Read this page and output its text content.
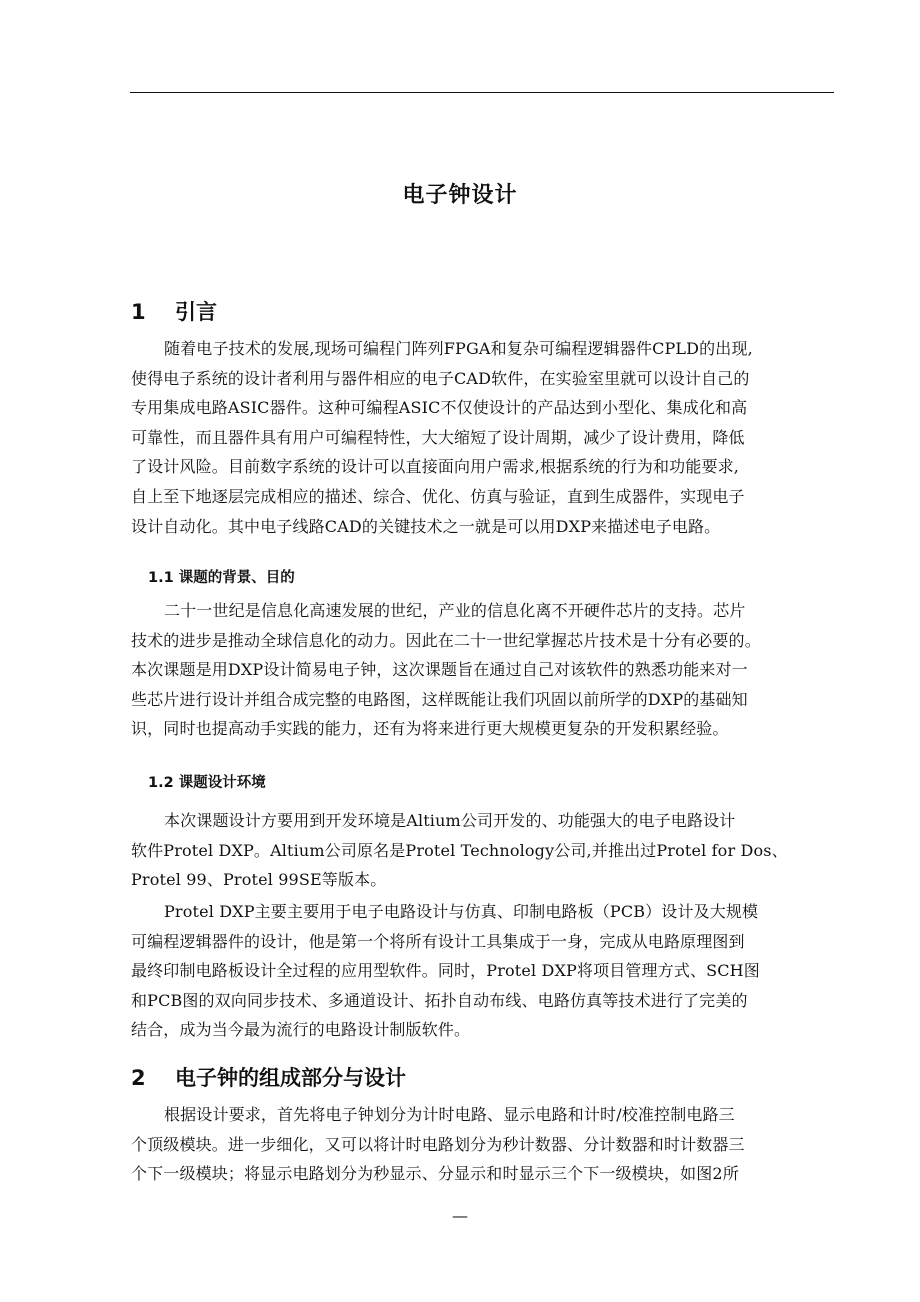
电子钟设计
1 引言
随着电子技术的发展,现场可编程门阵列FPGA和复杂可编程逻辑器件CPLD的出现,
使得电子系统的设计者利用与器件相应的电子CAD软件，在实验室里就可以设计自己的
专用集成电路ASIC器件。这种可编程ASIC不仅使设计的产品达到小型化、集成化和高
可靠性，而且器件具有用户可编程特性，大大缩短了设计周期，减少了设计费用，降低
了设计风险。目前数字系统的设计可以直接面向用户需求,根据系统的行为和功能要求,
自上至下地逐层完成相应的描述、综合、优化、仿真与验证，直到生成器件，实现电子
设计自动化。其中电子线路CAD的关键技术之一就是可以用DXP来描述电子电路。
1.1 课题的背景、目的
二十一世纪是信息化高速发展的世纪，产业的信息化离不开硬件芯片的支持。芯片
技术的进步是推动全球信息化的动力。因此在二十一世纪掌握芯片技术是十分有必要的。
本次课题是用DXP设计简易电子钟，这次课题旨在通过自己对该软件的熟悉功能来对一
些芯片进行设计并组合成完整的电路图，这样既能让我们巩固以前所学的DXP的基础知
识，同时也提高动手实践的能力，还有为将来进行更大规模更复杂的开发积累经验。
1.2 课题设计环境
本次课题设计方要用到开发环境是Altium公司开发的、功能强大的电子电路设计
软件Protel DXP。Altium公司原名是Protel Technology公司,并推出过Protel for Dos、
Protel 99、Protel 99SE等版本。
Protel DXP主要主要用于电子电路设计与仿真、印制电路板（PCB）设计及大规模
可编程逻辑器件的设计，他是第一个将所有设计工具集成于一身，完成从电路原理图到
最终印制电路板设计全过程的应用型软件。同时，Protel DXP将项目管理方式、SCH图
和PCB图的双向同步技术、多通道设计、拓扑自动布线、电路仿真等技术进行了完美的
结合，成为当今最为流行的电路设计制版软件。
2 电子钟的组成部分与设计
根据设计要求，首先将电子钟划分为计时电路、显示电路和计时/校准控制电路三
个顶级模块。进一步细化，又可以将计时电路划分为秒计数器、分计数器和时计数器三
个下一级模块；将显示电路划分为秒显示、分显示和时显示三个下一级模块，如图2所

—
